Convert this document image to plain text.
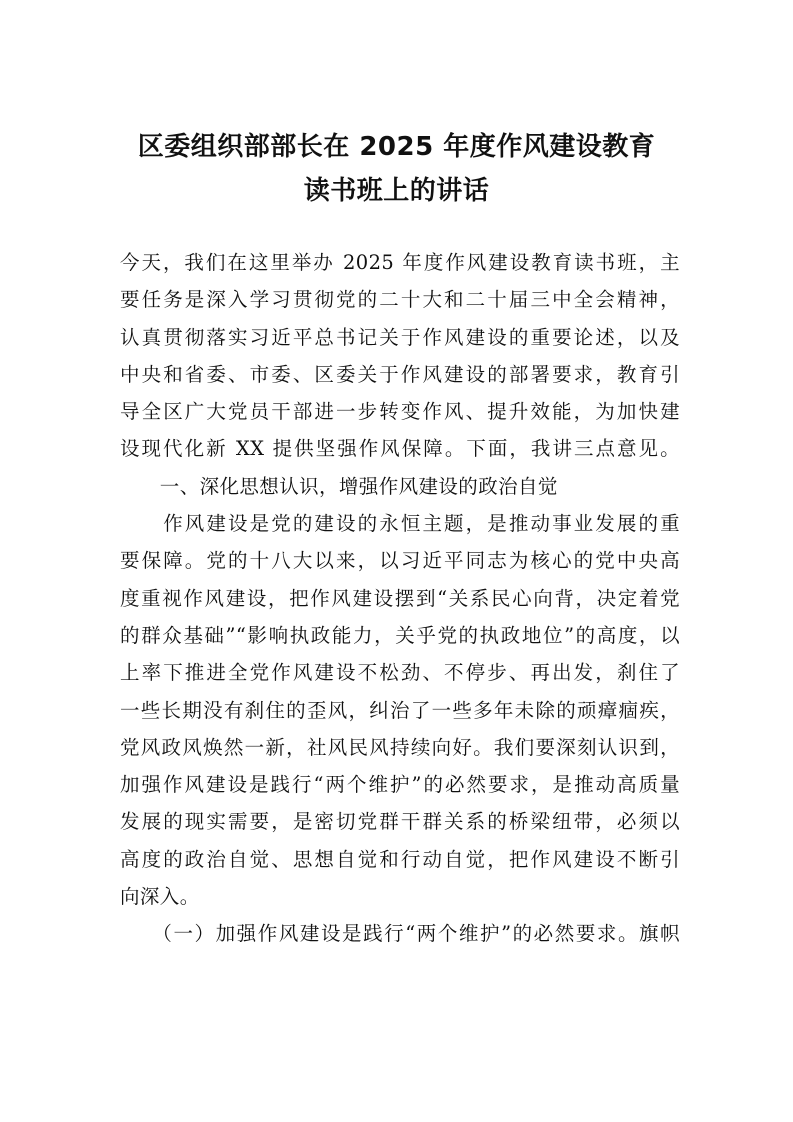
区委组织部部长在 2025 年度作风建设教育
读书班上的讲话
今天，我们在这里举办 2025 年度作风建设教育读书班，主
要任务是深入学习贯彻党的二十大和二十届三中全会精神，
认真贯彻落实习近平总书记关于作风建设的重要论述，以及
中央和省委、市委、区委关于作风建设的部署要求，教育引
导全区广大党员干部进一步转变作风、提升效能，为加快建
设现代化新 XX 提供坚强作风保障。下面，我讲三点意见。
　　一、深化思想认识，增强作风建设的政治自觉
　　作风建设是党的建设的永恒主题，是推动事业发展的重
要保障。党的十八大以来，以习近平同志为核心的党中央高
度重视作风建设，把作风建设摆到“关系民心向背，决定着党
的群众基础”“影响执政能力，关乎党的执政地位”的高度，以
上率下推进全党作风建设不松劲、不停步、再出发，刹住了
一些长期没有刹住的歪风，纠治了一些多年未除的顽瘴痼疾，
党风政风焕然一新，社风民风持续向好。我们要深刻认识到，
加强作风建设是践行“两个维护”的必然要求，是推动高质量
发展的现实需要，是密切党群干群关系的桥梁纽带，必须以
高度的政治自觉、思想自觉和行动自觉，把作风建设不断引
向深入。
　　（一）加强作风建设是践行“两个维护”的必然要求。旗帜
